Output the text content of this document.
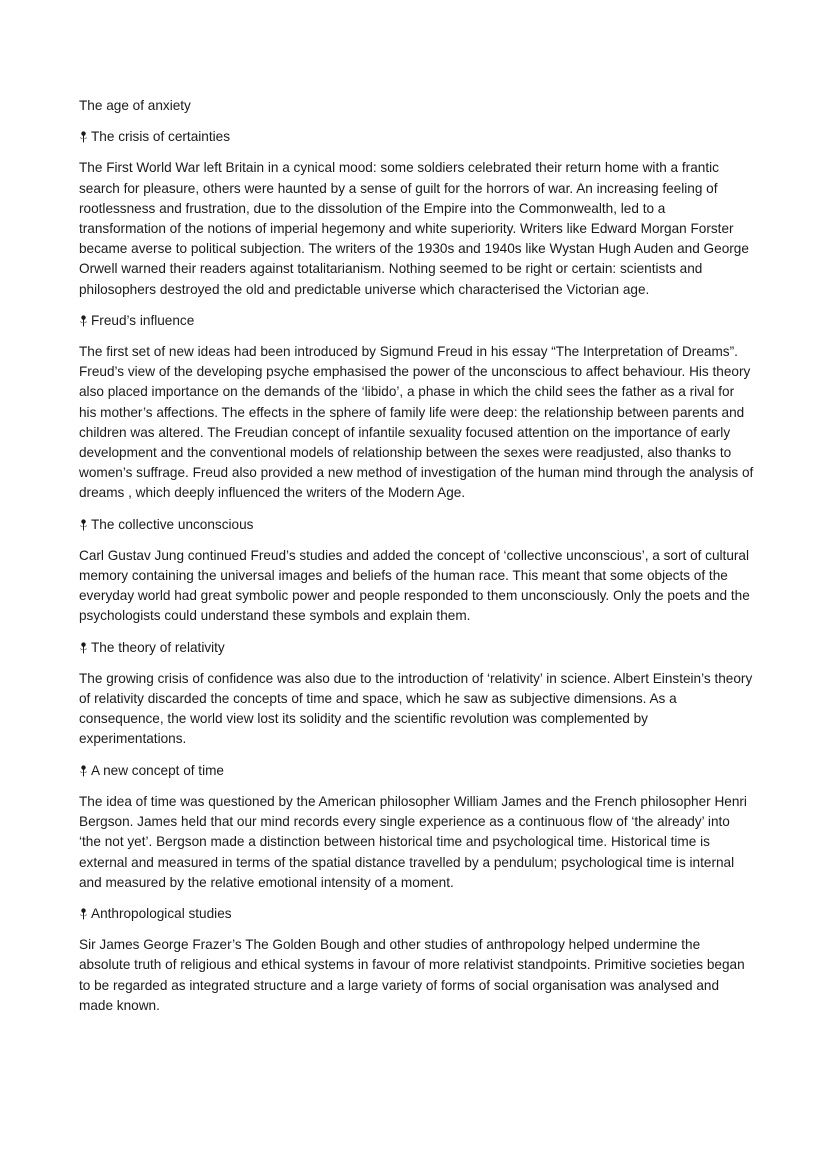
The age of anxiety
The crisis of certainties
The First World War left Britain in a cynical mood: some soldiers celebrated their return home with a frantic search for pleasure, others were haunted by a sense of guilt for the horrors of war. An increasing feeling of rootlessness and frustration, due to the dissolution of the Empire into the Commonwealth, led to a transformation of the notions of imperial hegemony and white superiority. Writers like Edward Morgan Forster became averse to political subjection. The writers of the 1930s and 1940s like Wystan Hugh Auden and George Orwell warned their readers against totalitarianism. Nothing seemed to be right or certain: scientists and philosophers destroyed the old and predictable universe which characterised the Victorian age.
Freud’s influence
The first set of new ideas had been introduced by Sigmund Freud in his essay “The Interpretation of Dreams”. Freud’s view of the developing psyche emphasised the power of the unconscious to affect behaviour. His theory also placed importance on the demands of the ‘libido’, a phase in which the child sees the father as a rival for his mother’s affections. The effects in the sphere of family life were deep: the relationship between parents and children was altered. The Freudian concept of infantile sexuality focused attention on the importance of early development and the conventional models of relationship between the sexes were readjusted, also thanks to women’s suffrage. Freud also provided a new method of investigation of the human mind through the analysis of dreams , which deeply influenced the writers of the Modern Age.
The collective unconscious
Carl Gustav Jung continued Freud’s studies and added the concept of ‘collective unconscious’, a sort of cultural memory containing the universal images and beliefs of the human race. This meant that some objects of the everyday world had great symbolic power and people responded to them unconsciously. Only the poets and the psychologists could understand these symbols and explain them.
The theory of relativity
The growing crisis of confidence was also due to the introduction of ‘relativity’ in science. Albert Einstein’s theory of relativity discarded the concepts of time and space, which he saw as subjective dimensions. As a consequence, the world view lost its solidity and the scientific revolution was complemented by experimentations.
A new concept of time
The idea of time was questioned by the American philosopher William James and the French philosopher Henri Bergson. James held that our mind records every single experience as a continuous flow of ‘the already’ into ‘the not yet’. Bergson made a distinction between historical time and psychological time. Historical time is external and measured in terms of the spatial distance travelled by a pendulum; psychological time is internal and measured by the relative emotional intensity of a moment.
Anthropological studies
Sir James George Frazer’s The Golden Bough and other studies of anthropology helped undermine the absolute truth of religious and ethical systems in favour of more relativist standpoints. Primitive societies began to be regarded as integrated structure and a large variety of forms of social organisation was analysed and made known.
